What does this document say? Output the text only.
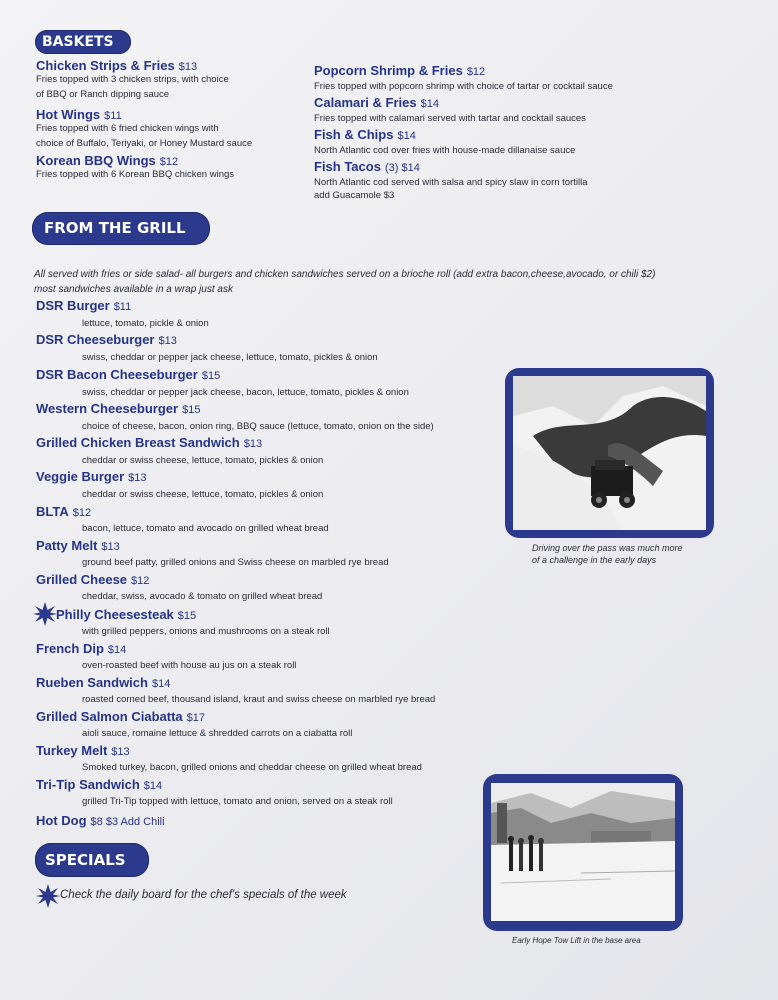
BASKETS
FROM THE GRILL
SPECIALS
Chicken Strips & Fries $13
Fries topped with 3 chicken strips, with choice
of BBQ or Ranch dipping sauce
Hot Wings $11
Fries topped with 6 fried chicken wings with
choice of Buffalo, Teriyaki, or Honey Mustard sauce
Korean BBQ Wings $12
Fries topped with 6 Korean BBQ chicken wings
Popcorn Shrimp & Fries $12
Fries topped with popcorn shrimp with choice of tartar or cocktail sauce
Calamari & Fries $14
Fries topped with calamari served with tartar and cocktail sauces
Fish & Chips $14
North Atlantic cod over fries with house-made dillanaise sauce
Fish Tacos (3) $14
North Atlantic cod served with salsa and spicy slaw in corn tortilla
add Guacamole $3
All served with fries or side salad- all burgers and chicken sandwiches served on a brioche roll (add extra bacon,cheese,avocado, or chili $2)
most sandwiches available in a wrap just ask
DSR Burger $11
lettuce, tomato, pickle & onion
DSR Cheeseburger $13
swiss, cheddar or pepper jack cheese, lettuce, tomato, pickles & onion
DSR Bacon Cheeseburger $15
swiss, cheddar or pepper jack cheese, bacon, lettuce, tomato, pickles & onion
Western Cheeseburger $15
choice of cheese, bacon, onion ring, BBQ sauce (lettuce, tomato, onion on the side)
Grilled Chicken Breast Sandwich $13
cheddar or swiss cheese, lettuce, tomato, pickles & onion
Veggie Burger $13
cheddar or swiss cheese, lettuce, tomato, pickles & onion
BLTA $12
bacon, lettuce, tomato and avocado on grilled wheat bread
Patty Melt $13
ground beef patty, grilled onions and Swiss cheese on marbled rye bread
Grilled Cheese $12
cheddar, swiss, avocado & tomato on grilled wheat bread
Philly Cheesesteak $15
with grilled peppers, onions and mushrooms on a steak roll
French Dip $14
oven-roasted beef with house au jus on a steak roll
Rueben Sandwich $14
roasted corned beef, thousand island, kraut and swiss cheese on marbled rye bread
Grilled Salmon Ciabatta $17
aioli sauce, romaine lettuce & shredded carrots on a ciabatta roll
Turkey Melt $13
Smoked turkey, bacon, grilled onions and cheddar cheese on grilled wheat bread
Tri-Tip Sandwich $14
grilled Tri-Tip topped with lettuce, tomato and onion, served on a steak roll
Hot Dog $8 $3 Add Chili
Check the daily board for the chef's specials of the week
Driving over the pass was much more
of a challenge in the early days
Early Hope Tow Lift in the base area
